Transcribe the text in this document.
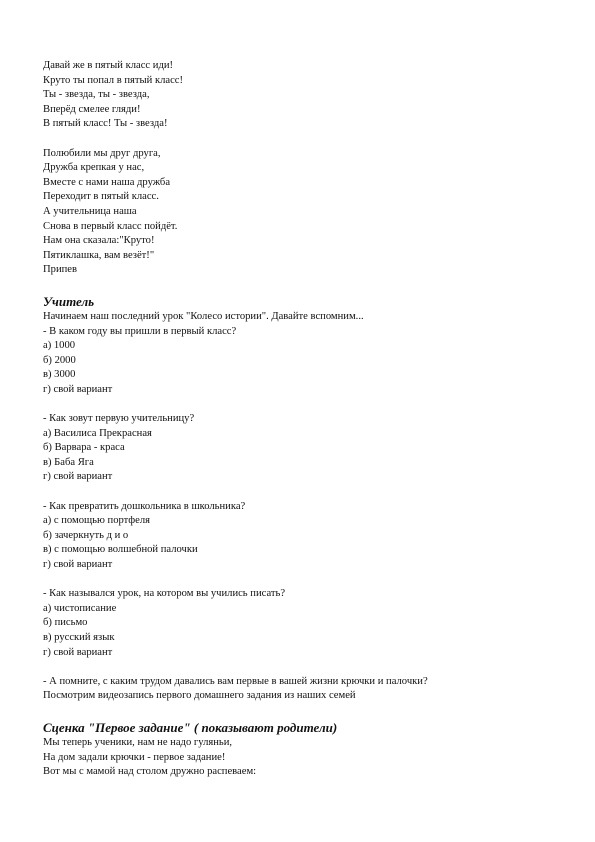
Давай же в пятый класс иди!
Круто ты попал в пятый класс!
Ты - звезда, ты - звезда,
Вперёд смелее гляди!
В пятый класс! Ты - звезда!
Полюбили мы друг друга,
Дружба крепкая у нас,
Вместе с нами наша дружба
Переходит в пятый класс.
А учительница наша
Снова в первый класс пойдёт.
Нам она сказала:"Круто!
Пятиклашка, вам везёт!"
Припев
Учитель
Начинаем наш последний урок "Колесо истории". Давайте вспомним...
- В каком году вы пришли в первый класс?
а) 1000
б) 2000
в) 3000
г) свой вариант
- Как зовут первую учительницу?
а) Василиса Прекрасная
б) Варвара - краса
в) Баба Яга
г) свой вариант
- Как превратить дошкольника в школьника?
а) с помощью портфеля
б) зачеркнуть д и о
в) с помощью волшебной палочки
г) свой вариант
- Как назывался урок, на котором вы учились писать?
а) чистописание
б) письмо
в) русский язык
г) свой вариант
- А помните, с каким трудом давались вам первые в вашей жизни крючки и палочки?
Посмотрим видеозапись первого домашнего задания из наших семей
Сценка "Первое задание" ( показывают родители)
Мы теперь ученики, нам не надо гуляньи,
На дом задали крючки - первое задание!
Вот мы с мамой над столом дружно распеваем:
